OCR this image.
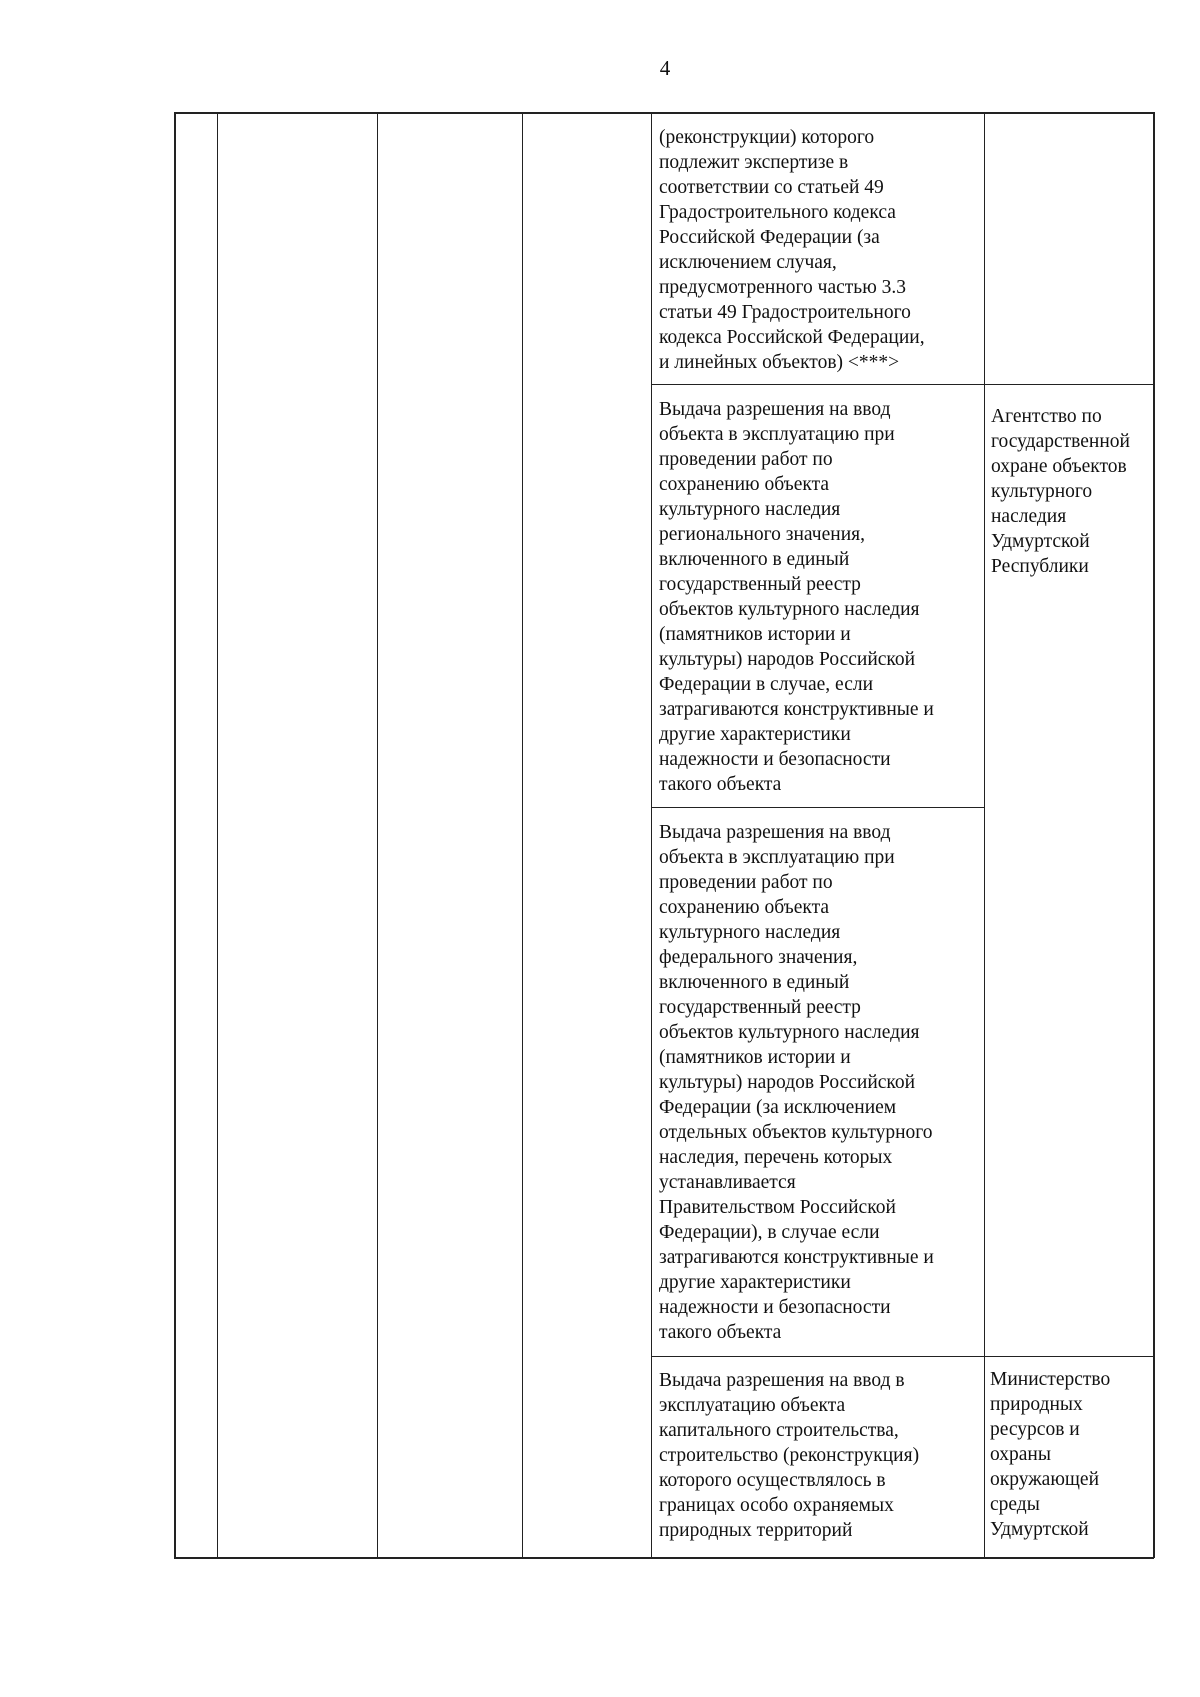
4
(реконструкции) которого
подлежит экспертизе в
соответствии со статьей 49
Градостроительного кодекса
Российской Федерации (за
исключением случая,
предусмотренного частью 3.3
статьи 49 Градостроительного
кодекса Российской Федерации,
и линейных объектов) <***>
Выдача разрешения на ввод
объекта в эксплуатацию при
проведении работ по
сохранению объекта
культурного наследия
регионального значения,
включенного в единый
государственный реестр
объектов культурного наследия
(памятников истории и
культуры) народов Российской
Федерации в случае, если
затрагиваются конструктивные и
другие характеристики
надежности и безопасности
такого объекта
Агентство по
государственной
охране объектов
культурного
наследия
Удмуртской
Республики
Выдача разрешения на ввод
объекта в эксплуатацию при
проведении работ по
сохранению объекта
культурного наследия
федерального значения,
включенного в единый
государственный реестр
объектов культурного наследия
(памятников истории и
культуры) народов Российской
Федерации (за исключением
отдельных объектов культурного
наследия, перечень которых
устанавливается
Правительством Российской
Федерации), в случае если
затрагиваются конструктивные и
другие характеристики
надежности и безопасности
такого объекта
Выдача разрешения на ввод в
эксплуатацию объекта
капитального строительства,
строительство (реконструкция)
которого осуществлялось в
границах особо охраняемых
природных территорий
Министерство
природных
ресурсов и
охраны
окружающей
среды
Удмуртской
